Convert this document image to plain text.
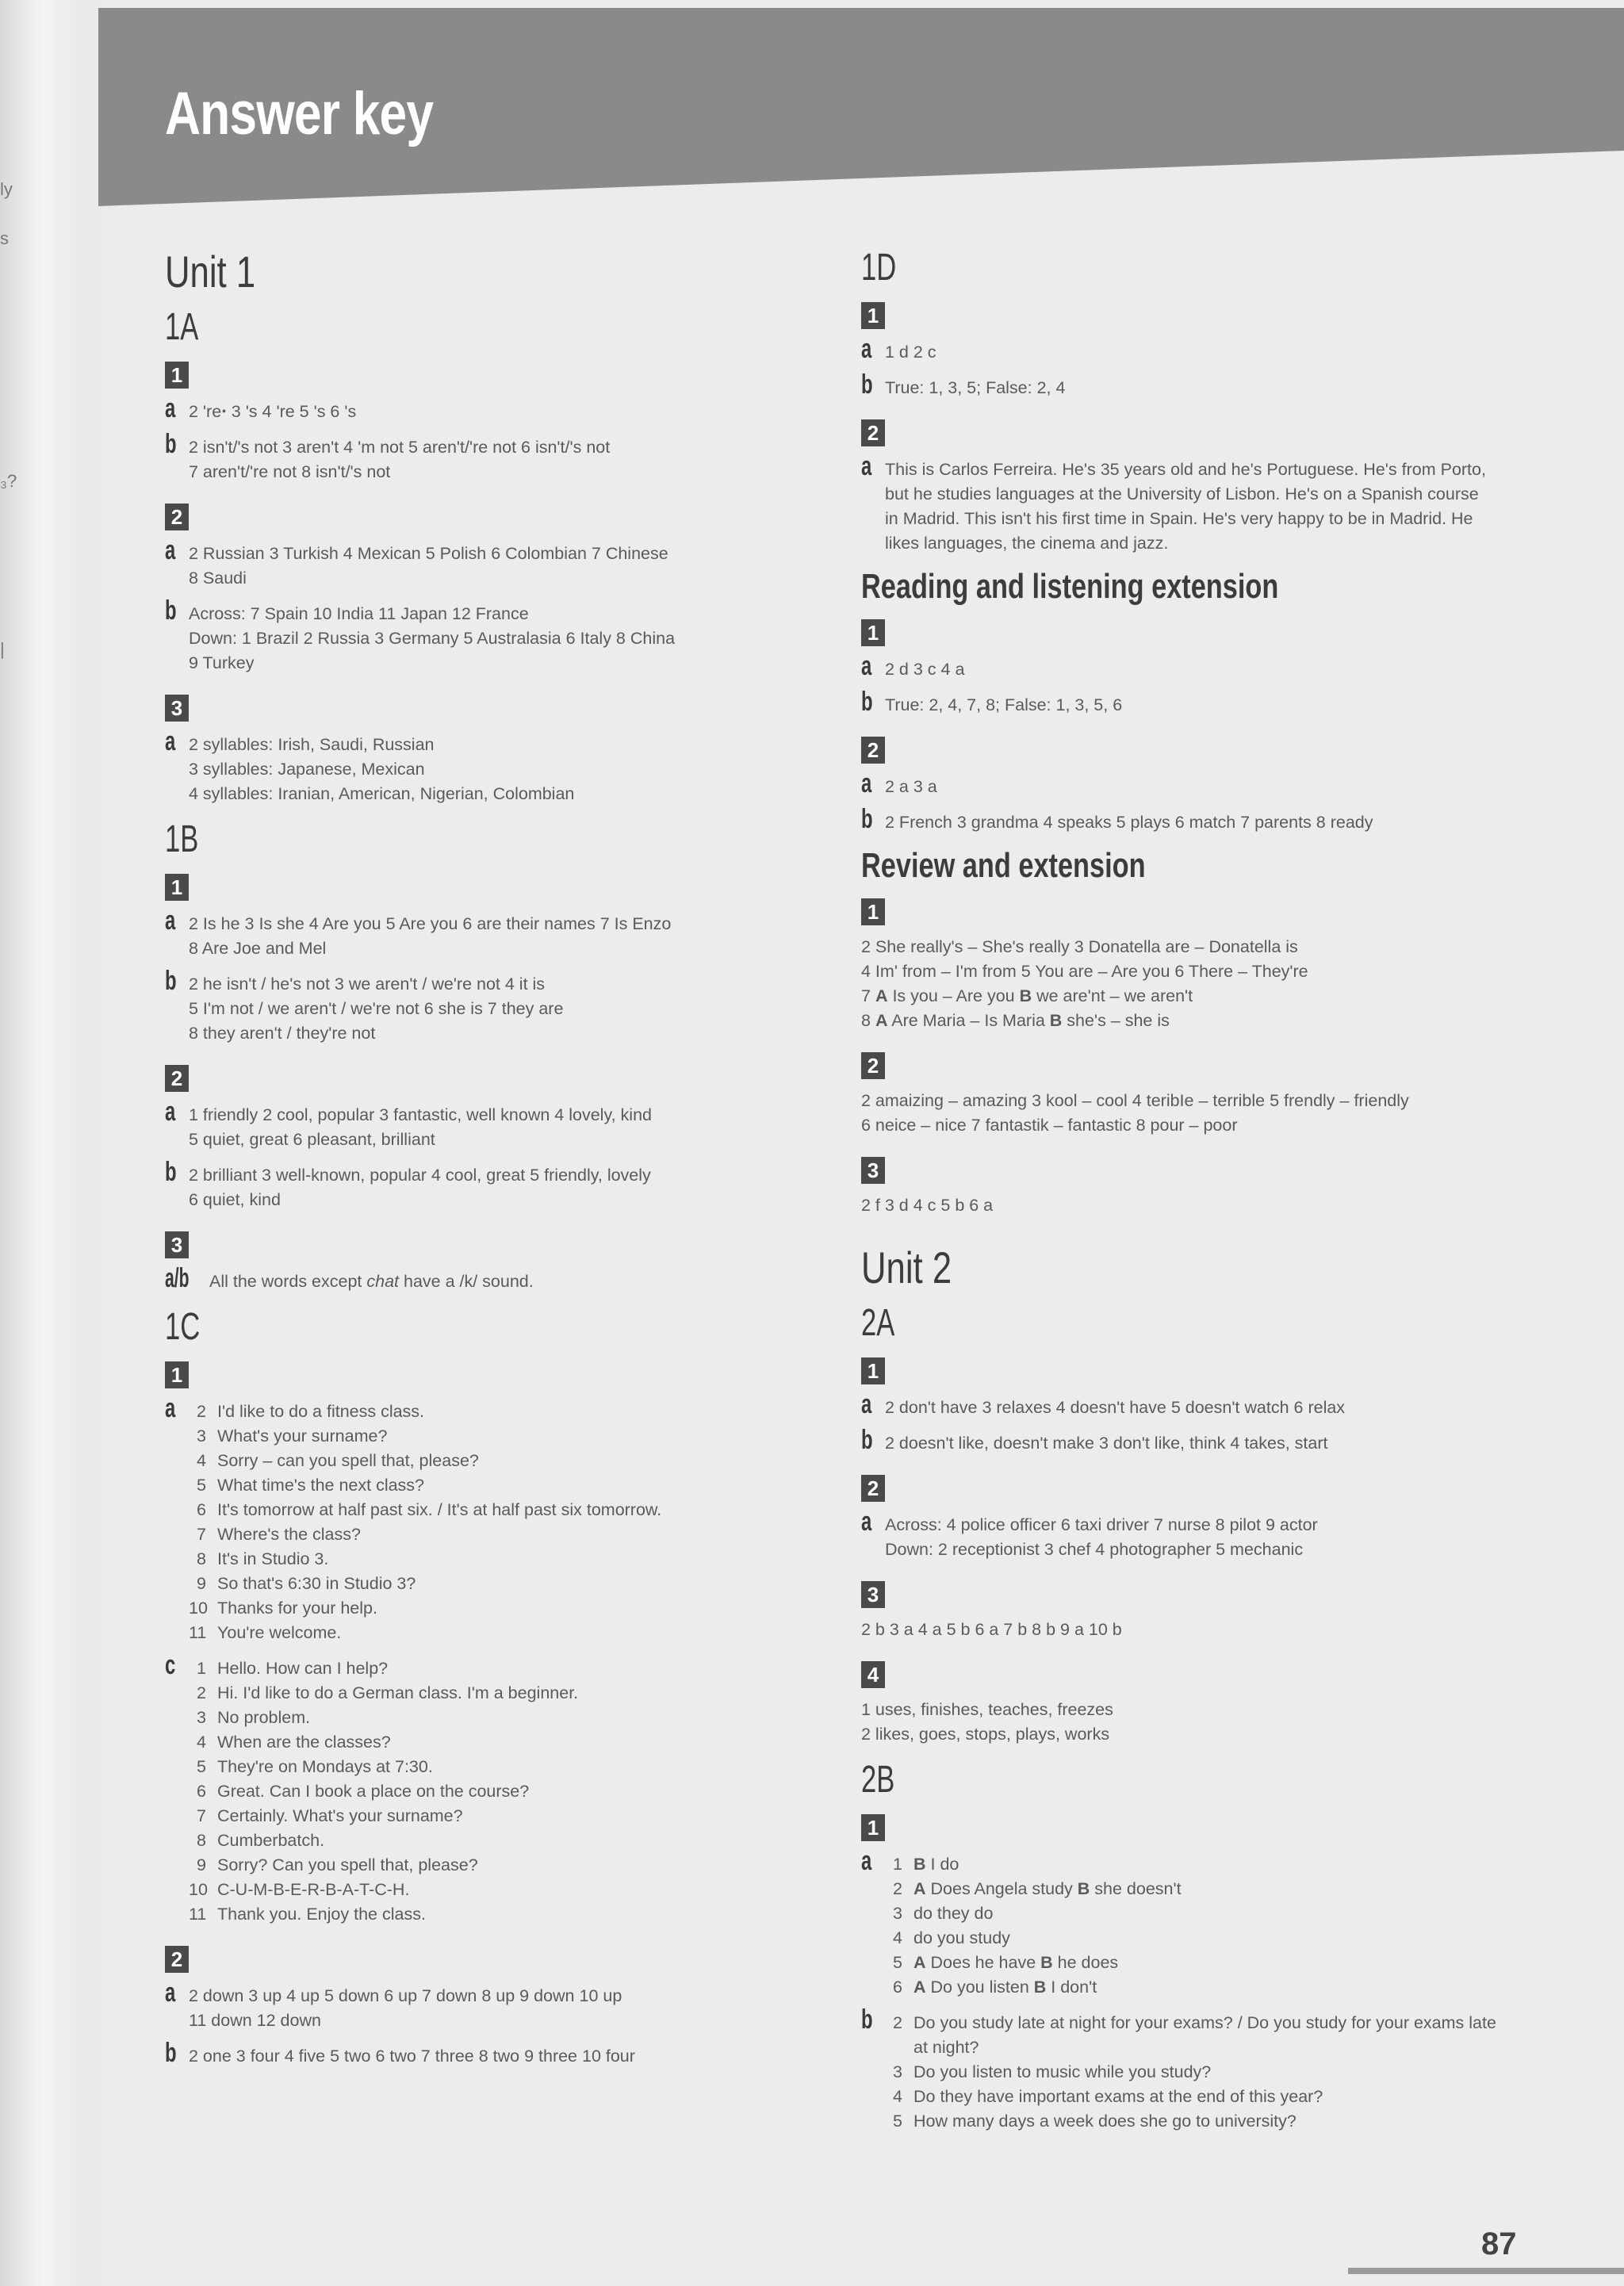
ly
s
₃?
|
Answer key
Unit 1
1A
1
a 2 'reꞏ 3 's 4 're 5 's 6 's
b 2 isn't/'s not 3 aren't 4 'm not 5 aren't/'re not 6 isn't/'s not
7 aren't/'re not 8 isn't/'s not
2
a 2 Russian 3 Turkish 4 Mexican 5 Polish 6 Colombian 7 Chinese
8 Saudi
b Across: 7 Spain 10 India 11 Japan 12 France
Down: 1 Brazil 2 Russia 3 Germany 5 Australasia 6 Italy 8 China
9 Turkey
3
a 2 syllables: Irish, Saudi, Russian
3 syllables: Japanese, Mexican
4 syllables: Iranian, American, Nigerian, Colombian
1B
1
a 2 Is he 3 Is she 4 Are you 5 Are you 6 are their names 7 Is Enzo
8 Are Joe and Mel
b 2 he isn't / he's not 3 we aren't / we're not 4 it is
5 I'm not / we aren't / we're not 6 she is 7 they are
8 they aren't / they're not
2
a 1 friendly 2 cool, popular 3 fantastic, well known 4 lovely, kind
5 quiet, great 6 pleasant, brilliant
b 2 brilliant 3 well-known, popular 4 cool, great 5 friendly, lovely
6 quiet, kind
3
a/b All the words except chat have a /k/ sound.
1C
1
a	2 I'd like to do a fitness class.
3 What's your surname?
4 Sorry – can you spell that, please?
5 What time's the next class?
6 It's tomorrow at half past six. / It's at half past six tomorrow.
7 Where's the class?
8 It's in Studio 3.
9 So that's 6:30 in Studio 3?
10 Thanks for your help.
11 You're welcome.
c	1 Hello. How can I help?
2 Hi. I'd like to do a German class. I'm a beginner.
3 No problem.
4 When are the classes?
5 They're on Mondays at 7:30.
6 Great. Can I book a place on the course?
7 Certainly. What's your surname?
8 Cumberbatch.
9 Sorry? Can you spell that, please?
10 C-U-M-B-E-R-B-A-T-C-H.
11 Thank you. Enjoy the class.
2
a 2 down 3 up 4 up 5 down 6 up 7 down 8 up 9 down 10 up
11 down 12 down
b 2 one 3 four 4 five 5 two 6 two 7 three 8 two 9 three 10 four
1D
1
a 1 d 2 c
b True: 1, 3, 5; False: 2, 4
2
a This is Carlos Ferreira. He's 35 years old and he's Portuguese. He's from Porto,
but he studies languages at the University of Lisbon. He's on a Spanish course
in Madrid. This isn't his first time in Spain. He's very happy to be in Madrid. He
likes languages, the cinema and jazz.
Reading and listening extension
1
a 2 d 3 c 4 a
b True: 2, 4, 7, 8; False: 1, 3, 5, 6
2
a 2 a 3 a
b 2 French 3 grandma 4 speaks 5 plays 6 match 7 parents 8 ready
Review and extension
1
2 She really's – She's really 3 Donatella are – Donatella is
4 Im' from – I'm from 5 You are – Are you 6 There – They're
7 A Is you – Are you B we are'nt – we aren't
8 A Are Maria – Is Maria B she's – she is
2
2 amaizing – amazing 3 kool – cool 4 teribIe – terrible 5 frendly – friendly
6 neice – nice 7 fantastik – fantastic 8 pour – poor
3
2 f 3 d 4 c 5 b 6 a
Unit 2
2A
1
a 2 don't have 3 relaxes 4 doesn't have 5 doesn't watch 6 relax
b 2 doesn't like, doesn't make 3 don't like, think 4 takes, start
2
a Across: 4 police officer 6 taxi driver 7 nurse 8 pilot 9 actor
Down: 2 receptionist 3 chef 4 photographer 5 mechanic
3
2 b 3 a 4 a 5 b 6 a 7 b 8 b 9 a 10 b
4
1 uses, finishes, teaches, freezes
2 likes, goes, stops, plays, works
2B
1
a	1 B I do
2 A Does Angela study B she doesn't
3 do they do
4 do you study
5 A Does he have B he does
6 A Do you listen B I don't
b	2 Do you study late at night for your exams? / Do you study for your exams late
at night?
3 Do you listen to music while you study?
4 Do they have important exams at the end of this year?
5 How many days a week does she go to university?
87
